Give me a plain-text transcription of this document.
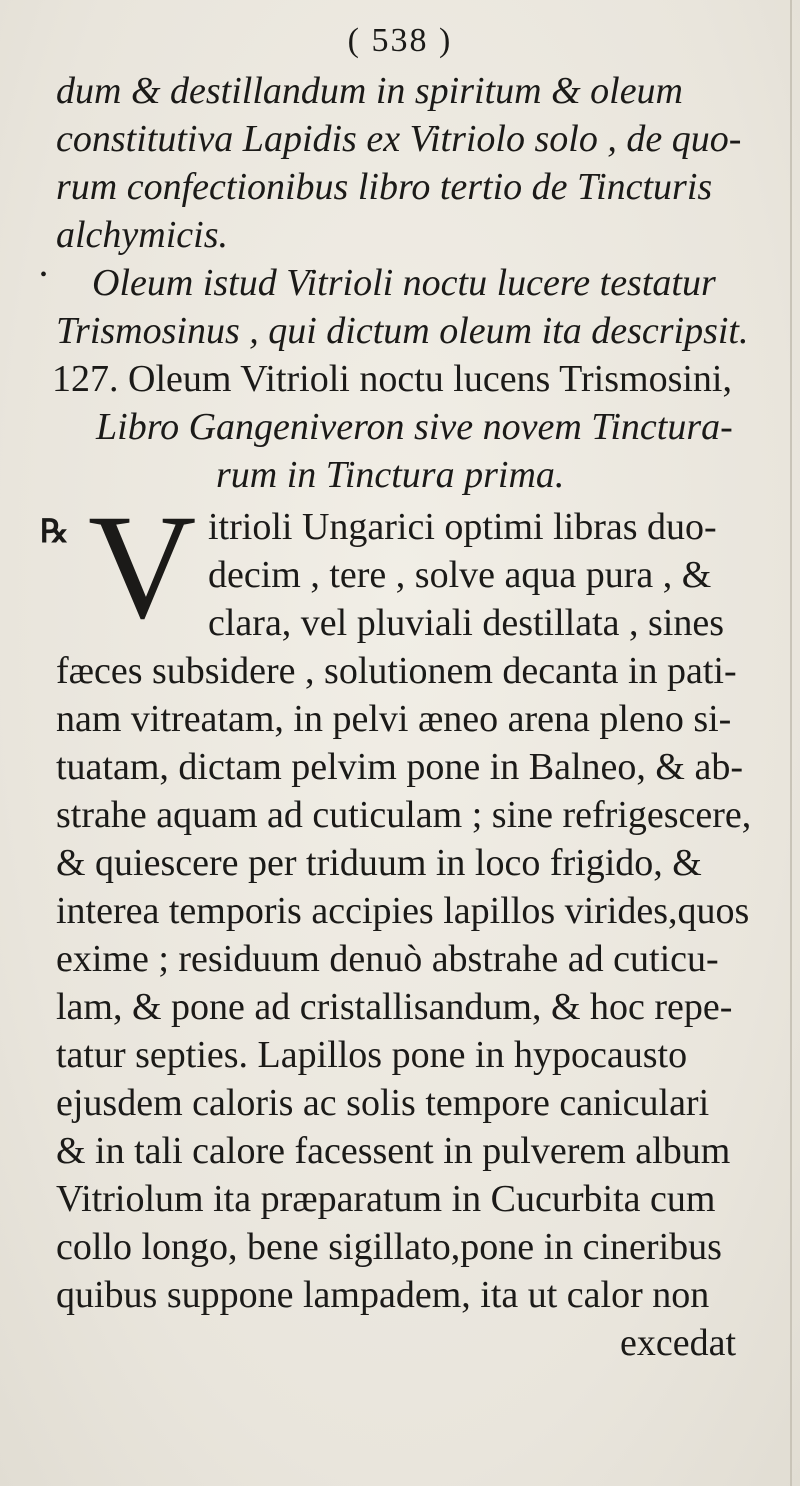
( 538 )
dum & destillandum in spiritum & oleum
constitutiva Lapidis ex Vitriolo solo , de quo-
rum confectionibus libro tertio de Tincturis
alchymicis.
• Oleum istud Vitrioli noctu lucere testatur
Trismosinus , qui dictum oleum ita descripsit.
127. Oleum Vitrioli noctu lucens Trismosini,
Libro Gangeniveron sive novem Tinctura-
rum in Tinctura prima.
℞ V itrioli Ungarici optimi libras duo-
decim , tere , solve aqua pura , &
clara, vel pluviali destillata , sines
fæces subsidere , solutionem decanta in pati-
nam vitreatam, in pelvi æneo arena pleno si-
tuatam, dictam pelvim pone in Balneo, & ab-
strahe aquam ad cuticulam ; sine refrigescere,
& quiescere per triduum in loco frigido, &
interea temporis accipies lapillos virides,quos
exime ; residuum denuò abstrahe ad cuticu-
lam, & pone ad cristallisandum, & hoc repe-
tatur septies. Lapillos pone in hypocausto
ejusdem caloris ac solis tempore caniculari
& in tali calore facessent in pulverem album
Vitriolum ita præparatum in Cucurbita cum
collo longo, bene sigillato,pone in cineribus
quibus suppone lampadem, ita ut calor non
excedat
